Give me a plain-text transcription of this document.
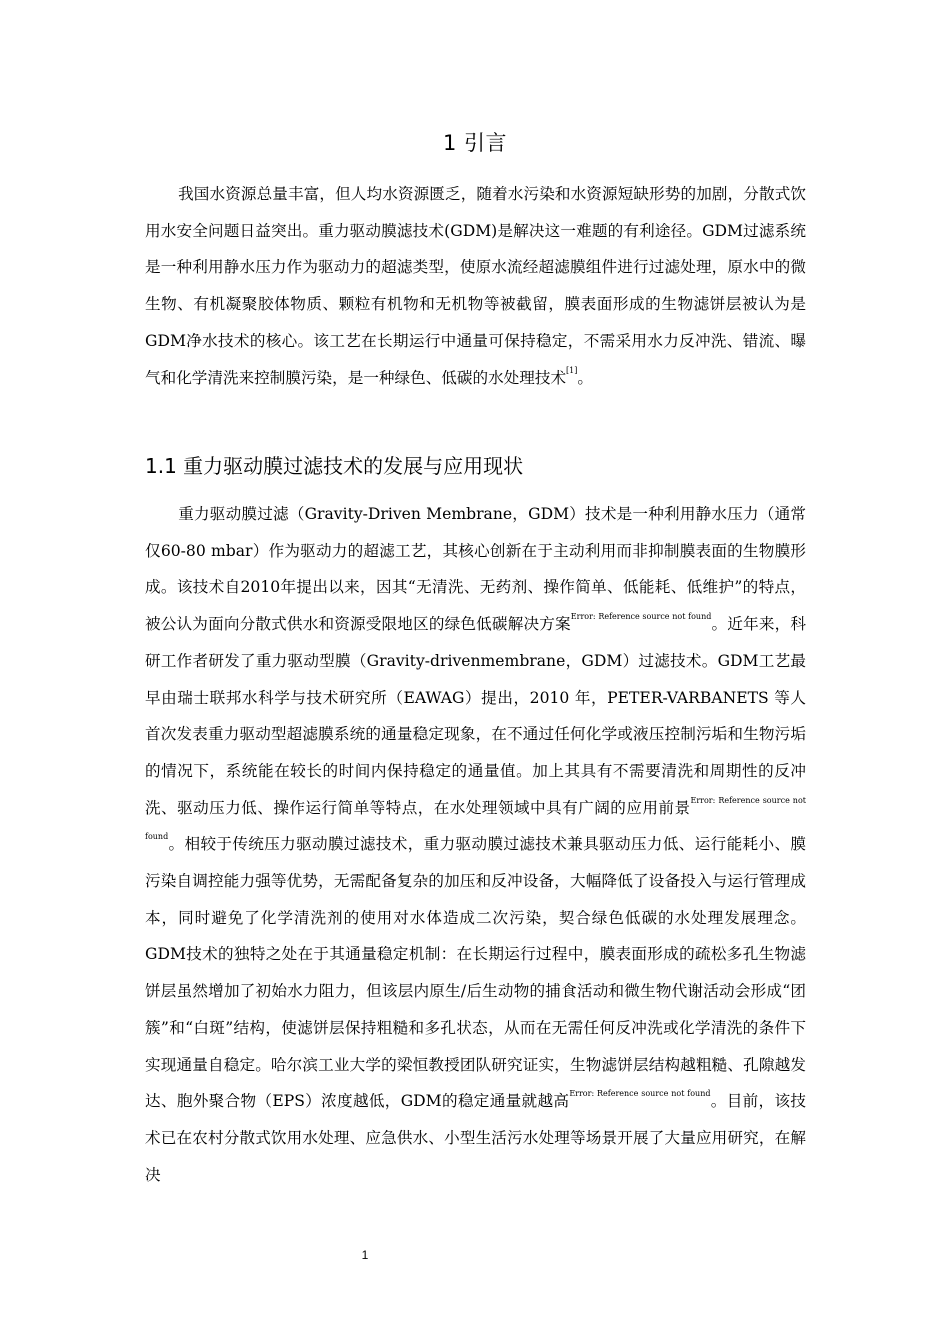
1 引言
我国水资源总量丰富，但人均水资源匮乏，随着水污染和水资源短缺形势的加剧，分散式饮用水安全问题日益突出。重力驱动膜滤技术(GDM)是解决这一难题的有利途径。GDM过滤系统是一种利用静水压力作为驱动力的超滤类型，使原水流经超滤膜组件进行过滤处理，原水中的微生物、有机凝聚胶体物质、颗粒有机物和无机物等被截留，膜表面形成的生物滤饼层被认为是GDM净水技术的核心。该工艺在长期运行中通量可保持稳定，不需采用水力反冲洗、错流、曝气和化学清洗来控制膜污染，是一种绿色、低碳的水处理技术[1]。
1.1 重力驱动膜过滤技术的发展与应用现状
重力驱动膜过滤（Gravity-Driven Membrane，GDM）技术是一种利用静水压力（通常仅60-80 mbar）作为驱动力的超滤工艺，其核心创新在于主动利用而非抑制膜表面的生物膜形成。该技术自2010年提出以来，因其“无清洗、无药剂、操作简单、低能耗、低维护”的特点，被公认为面向分散式供水和资源受限地区的绿色低碳解决方案$^{Error: Reference source not found}$。近年来，科研工作者研发了重力驱动型膜（Gravity-drivenmembrane，GDM）过滤技术。GDM工艺最早由瑞士联邦水科学与技术研究所（EAWAG）提出，2010 年，PETER-VARBANETS 等人首次发表重力驱动型超滤膜系统的通量稳定现象，在不通过任何化学或液压控制污垢和生物污垢的情况下，系统能在较长的时间内保持稳定的通量值。加上其具有不需要清洗和周期性的反冲洗、驱动压力低、操作运行简单等特点，在水处理领域中具有广阔的应用前景$^{Error: Reference source not found}$。相较于传统压力驱动膜过滤技术，重力驱动膜过滤技术兼具驱动压力低、运行能耗小、膜污染自调控能力强等优势，无需配备复杂的加压和反冲设备，大幅降低了设备投入与运行管理成本，同时避免了化学清洗剂的使用对水体造成二次污染，契合绿色低碳的水处理发展理念。GDM技术的独特之处在于其通量稳定机制：在长期运行过程中，膜表面形成的疏松多孔生物滤饼层虽然增加了初始水力阻力，但该层内原生/后生动物的捕食活动和微生物代谢活动会形成“团簇”和“白斑”结构，使滤饼层保持粗糙和多孔状态，从而在无需任何反冲洗或化学清洗的条件下实现通量自稳定。哈尔滨工业大学的梁恒教授团队研究证实，生物滤饼层结构越粗糙、孔隙越发达、胞外聚合物（EPS）浓度越低，GDM的稳定通量就越高$^{Error: Reference source not found}$。目前，该技术已在农村分散式饮用水处理、应急供水、小型生活污水处理等场景开展了大量应用研究，在解决
1
